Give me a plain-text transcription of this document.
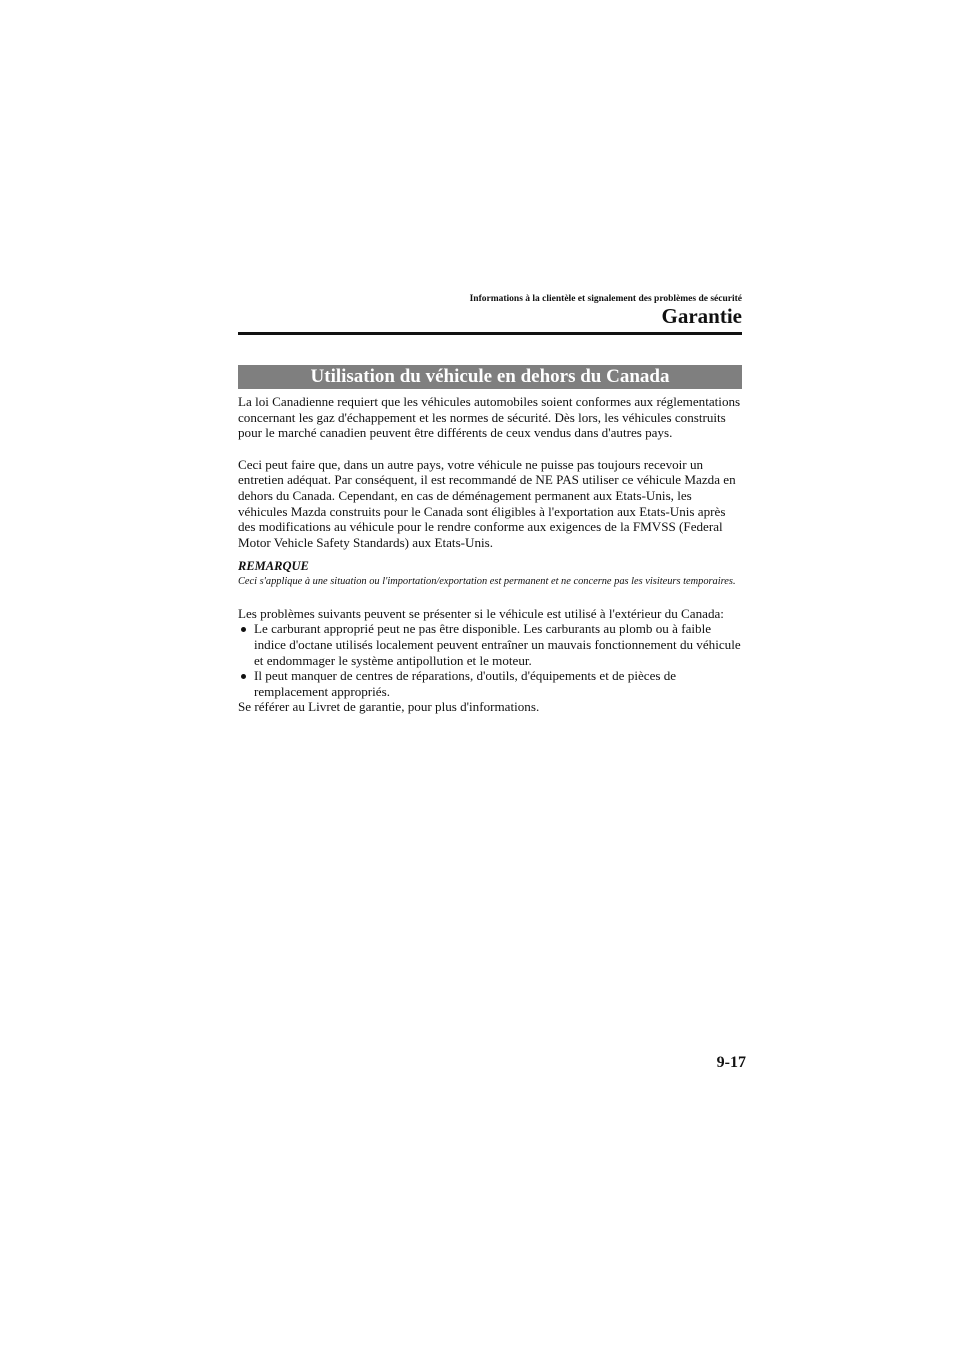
Informations à la clientèle et signalement des problèmes de sécurité
Garantie
Utilisation du véhicule en dehors du Canada

La loi Canadienne requiert que les véhicules automobiles soient conformes aux réglementations concernant les gaz d'échappement et les normes de sécurité. Dès lors, les véhicules construits pour le marché canadien peuvent être différents de ceux vendus dans d'autres pays.

Ceci peut faire que, dans un autre pays, votre véhicule ne puisse pas toujours recevoir un entretien adéquat. Par conséquent, il est recommandé de NE PAS utiliser ce véhicule Mazda en dehors du Canada. Cependant, en cas de déménagement permanent aux Etats-Unis, les véhicules Mazda construits pour le Canada sont éligibles à l'exportation aux Etats-Unis après des modifications au véhicule pour le rendre conforme aux exigences de la FMVSS (Federal Motor Vehicle Safety Standards) aux Etats-Unis.

REMARQUE

Ceci s'applique à une situation ou l'importation/exportation est permanent et ne concerne pas les visiteurs temporaires.

Les problèmes suivants peuvent se présenter si le véhicule est utilisé à l'extérieur du Canada:

Le carburant approprié peut ne pas être disponible. Les carburants au plomb ou à faible indice d'octane utilisés localement peuvent entraîner un mauvais fonctionnement du véhicule et endommager le système antipollution et le moteur.
Il peut manquer de centres de réparations, d'outils, d'équipements et de pièces de remplacement appropriés.

Se référer au Livret de garantie, pour plus d'informations.

9-17
